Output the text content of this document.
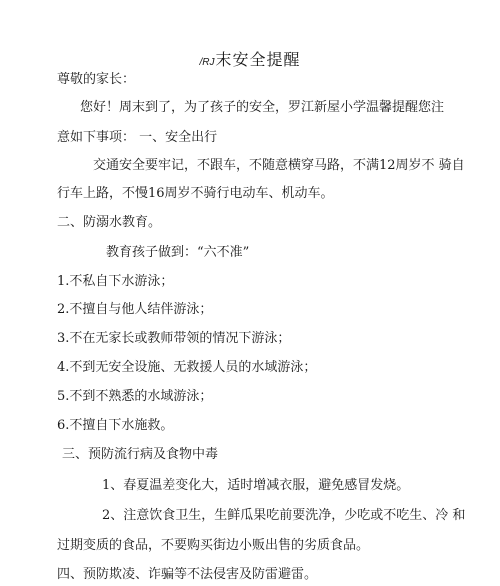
/RJ末安全提醒
尊敬的家长：
您好！周末到了，为了孩子的安全，罗江新屋小学温馨提醒您注
意如下事项： 一、安全出行
交通安全要牢记，不跟车，不随意横穿马路，不满12周岁不 骑自
行车上路，不慢16周岁不骑行电动车、机动车。
二、防溺水教育。
教育孩子做到：“六不准”
1.不私自下水游泳；
2.不擅自与他人结伴游泳；
3.不在无家长或教师带领的情况下游泳；
4.不到无安全设施、无救援人员的水域游泳；
5.不到不熟悉的水域游泳；
6.不擅自下水施救。
三、预防流行病及食物中毒
1、春夏温差变化大，适时增减衣服，避免感冒发烧。
2、注意饮食卫生，生鲜瓜果吃前要洗净，少吃或不吃生、冷 和
过期变质的食品，不要购买街边小贩出售的劣质食品。
四、预防欺凌、诈骗等不法侵害及防雷避雷。
